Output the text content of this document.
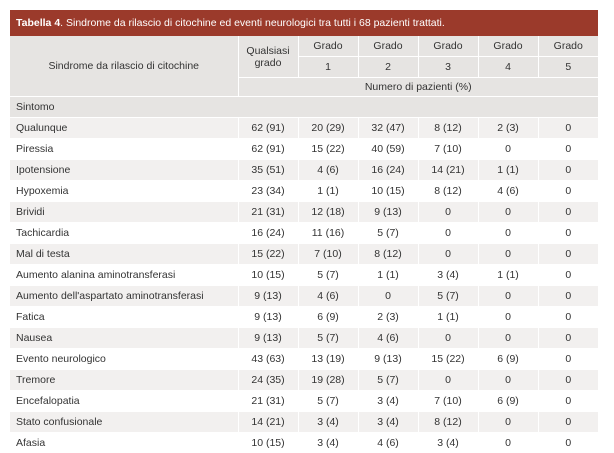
Tabella 4. Sindrome da rilascio di citochine ed eventi neurologici tra tutti i 68 pazienti trattati.
Sindrome da rilascio di citochine	Qualsiasi grado	Grado	Grado	Grado	Grado	Grado
		1	2	3	4	5
	Numero di pazienti (%)					
Sintomo						
Qualunque	62 (91)	20 (29)	32 (47)	8 (12)	2 (3)	0
Piressia	62 (91)	15 (22)	40 (59)	7 (10)	0	0
Ipotensione	35 (51)	4 (6)	16 (24)	14 (21)	1 (1)	0
Hypoxemia	23 (34)	1 (1)	10 (15)	8 (12)	4 (6)	0
Brividi	21 (31)	12 (18)	9 (13)	0	0	0
Tachicardia	16 (24)	11 (16)	5 (7)	0	0	0
Mal di testa	15 (22)	7 (10)	8 (12)	0	0	0
Aumento alanina aminotransferasi	10 (15)	5 (7)	1 (1)	3 (4)	1 (1)	0
Aumento dell'aspartato aminotransferasi	9 (13)	4 (6)	0	5 (7)	0	0
Fatica	9 (13)	6 (9)	2 (3)	1 (1)	0	0
Nausea	9 (13)	5 (7)	4 (6)	0	0	0
Evento neurologico	43 (63)	13 (19)	9 (13)	15 (22)	6 (9)	0
Tremore	24 (35)	19 (28)	5 (7)	0	0	0
Encefalopatia	21 (31)	5 (7)	3 (4)	7 (10)	6 (9)	0
Stato confusionale	14 (21)	3 (4)	3 (4)	8 (12)	0	0
Afasia	10 (15)	3 (4)	4 (6)	3 (4)	0	0
